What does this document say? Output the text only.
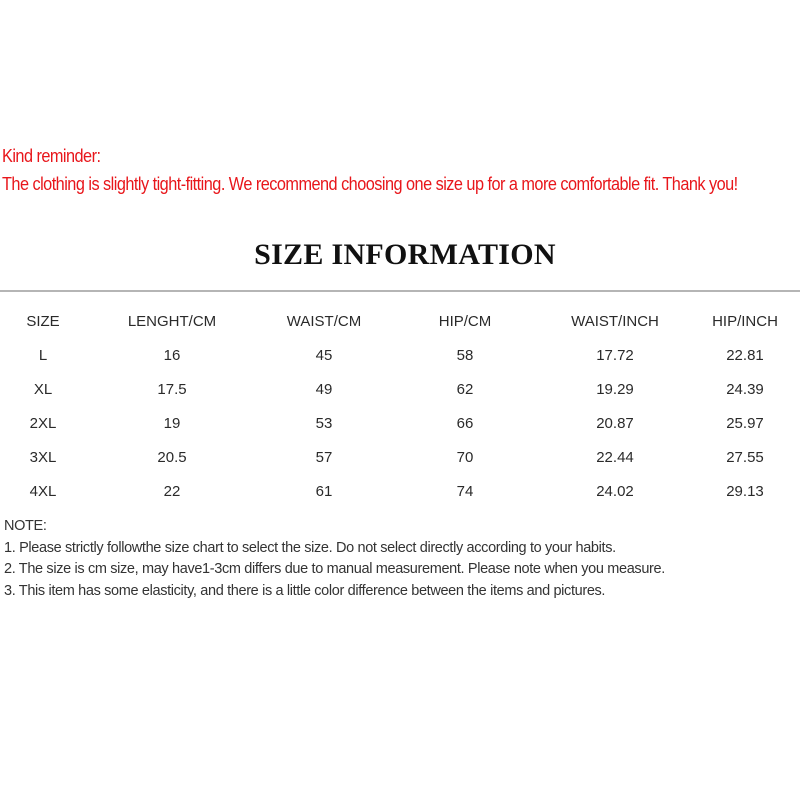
Kind reminder:
The clothing is slightly tight-fitting. We recommend choosing one size up for a more comfortable fit. Thank you!
SIZE INFORMATION
SIZE	LENGHT/CM	WAIST/CM	HIP/CM	WAIST/INCH	HIP/INCH
L	16	45	58	17.72	22.81
XL	17.5	49	62	19.29	24.39
2XL	19	53	66	20.87	25.97
3XL	20.5	57	70	22.44	27.55
4XL	22	61	74	24.02	29.13
NOTE:
1. Please strictly followthe size chart to select the size. Do not select directly according to your habits.
2. The size is cm size, may have1-3cm differs due to manual measurement. Please note when you measure.
3. This item has some elasticity, and there is a little color difference between the items and pictures.
